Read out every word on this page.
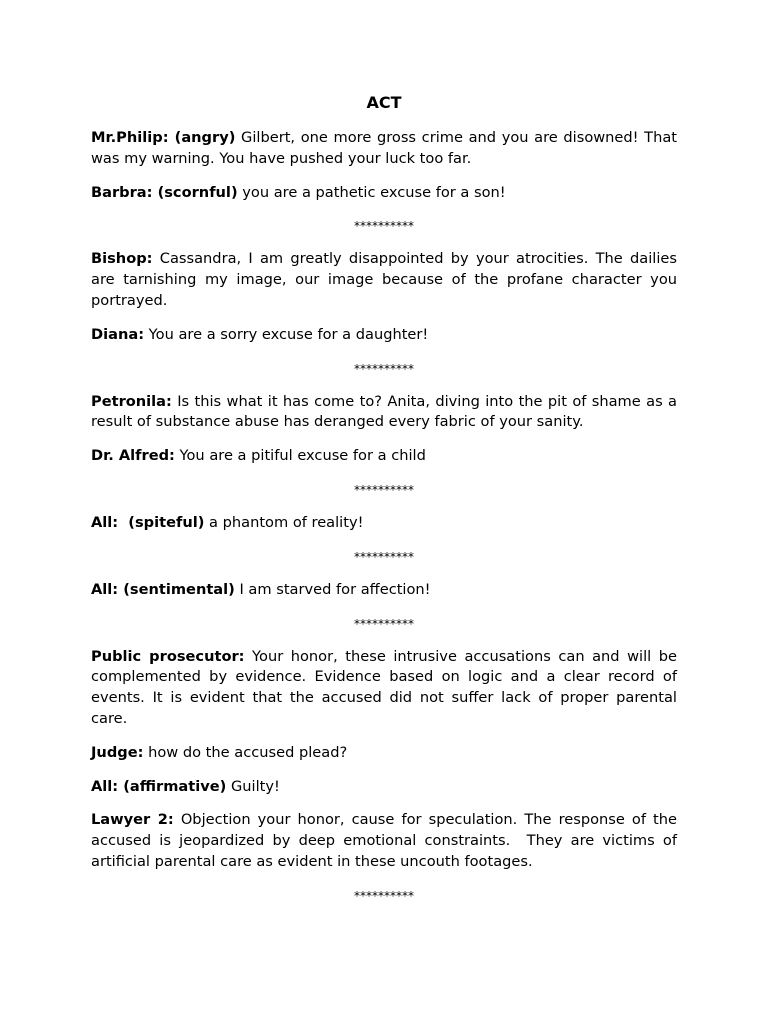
ACT

Mr.Philip: (angry) Gilbert, one more gross crime and you are disowned! That was my warning. You have pushed your luck too far.

Barbra: (scornful) you are a pathetic excuse for a son!

**********

Bishop: Cassandra, I am greatly disappointed by your atrocities. The dailies are tarnishing my image, our image because of the profane character you portrayed.

Diana: You are a sorry excuse for a daughter!

**********

Petronila: Is this what it has come to? Anita, diving into the pit of shame as a result of substance abuse has deranged every fabric of your sanity.

Dr. Alfred: You are a pitiful excuse for a child

**********

All:  (spiteful) a phantom of reality!

**********

All: (sentimental) I am starved for affection!

**********

Public prosecutor: Your honor, these intrusive accusations can and will be complemented by evidence. Evidence based on logic and a clear record of events. It is evident that the accused did not suffer lack of proper parental care.

Judge: how do the accused plead?

All: (affirmative) Guilty!

Lawyer 2: Objection your honor, cause for speculation. The response of the accused is jeopardized by deep emotional constraints.  They are victims of artificial parental care as evident in these uncouth footages.

**********
